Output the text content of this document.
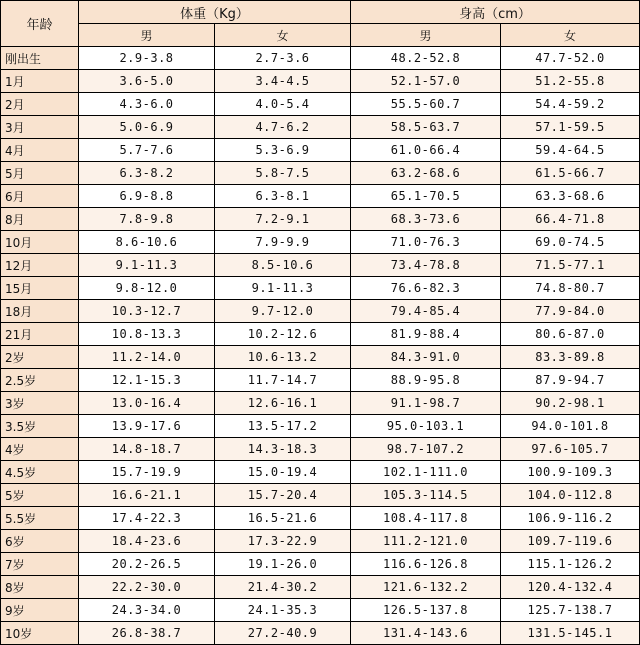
年龄	体重（Kg）		身高（cm）	
	男	女	男	女
刚出生	2.9-3.8	2.7-3.6	48.2-52.8	47.7-52.0
1月	3.6-5.0	3.4-4.5	52.1-57.0	51.2-55.8
2月	4.3-6.0	4.0-5.4	55.5-60.7	54.4-59.2
3月	5.0-6.9	4.7-6.2	58.5-63.7	57.1-59.5
4月	5.7-7.6	5.3-6.9	61.0-66.4	59.4-64.5
5月	6.3-8.2	5.8-7.5	63.2-68.6	61.5-66.7
6月	6.9-8.8	6.3-8.1	65.1-70.5	63.3-68.6
8月	7.8-9.8	7.2-9.1	68.3-73.6	66.4-71.8
10月	8.6-10.6	7.9-9.9	71.0-76.3	69.0-74.5
12月	9.1-11.3	8.5-10.6	73.4-78.8	71.5-77.1
15月	9.8-12.0	9.1-11.3	76.6-82.3	74.8-80.7
18月	10.3-12.7	9.7-12.0	79.4-85.4	77.9-84.0
21月	10.8-13.3	10.2-12.6	81.9-88.4	80.6-87.0
2岁	11.2-14.0	10.6-13.2	84.3-91.0	83.3-89.8
2.5岁	12.1-15.3	11.7-14.7	88.9-95.8	87.9-94.7
3岁	13.0-16.4	12.6-16.1	91.1-98.7	90.2-98.1
3.5岁	13.9-17.6	13.5-17.2	95.0-103.1	94.0-101.8
4岁	14.8-18.7	14.3-18.3	98.7-107.2	97.6-105.7
4.5岁	15.7-19.9	15.0-19.4	102.1-111.0	100.9-109.3
5岁	16.6-21.1	15.7-20.4	105.3-114.5	104.0-112.8
5.5岁	17.4-22.3	16.5-21.6	108.4-117.8	106.9-116.2
6岁	18.4-23.6	17.3-22.9	111.2-121.0	109.7-119.6
7岁	20.2-26.5	19.1-26.0	116.6-126.8	115.1-126.2
8岁	22.2-30.0	21.4-30.2	121.6-132.2	120.4-132.4
9岁	24.3-34.0	24.1-35.3	126.5-137.8	125.7-138.7
10岁	26.8-38.7	27.2-40.9	131.4-143.6	131.5-145.1
